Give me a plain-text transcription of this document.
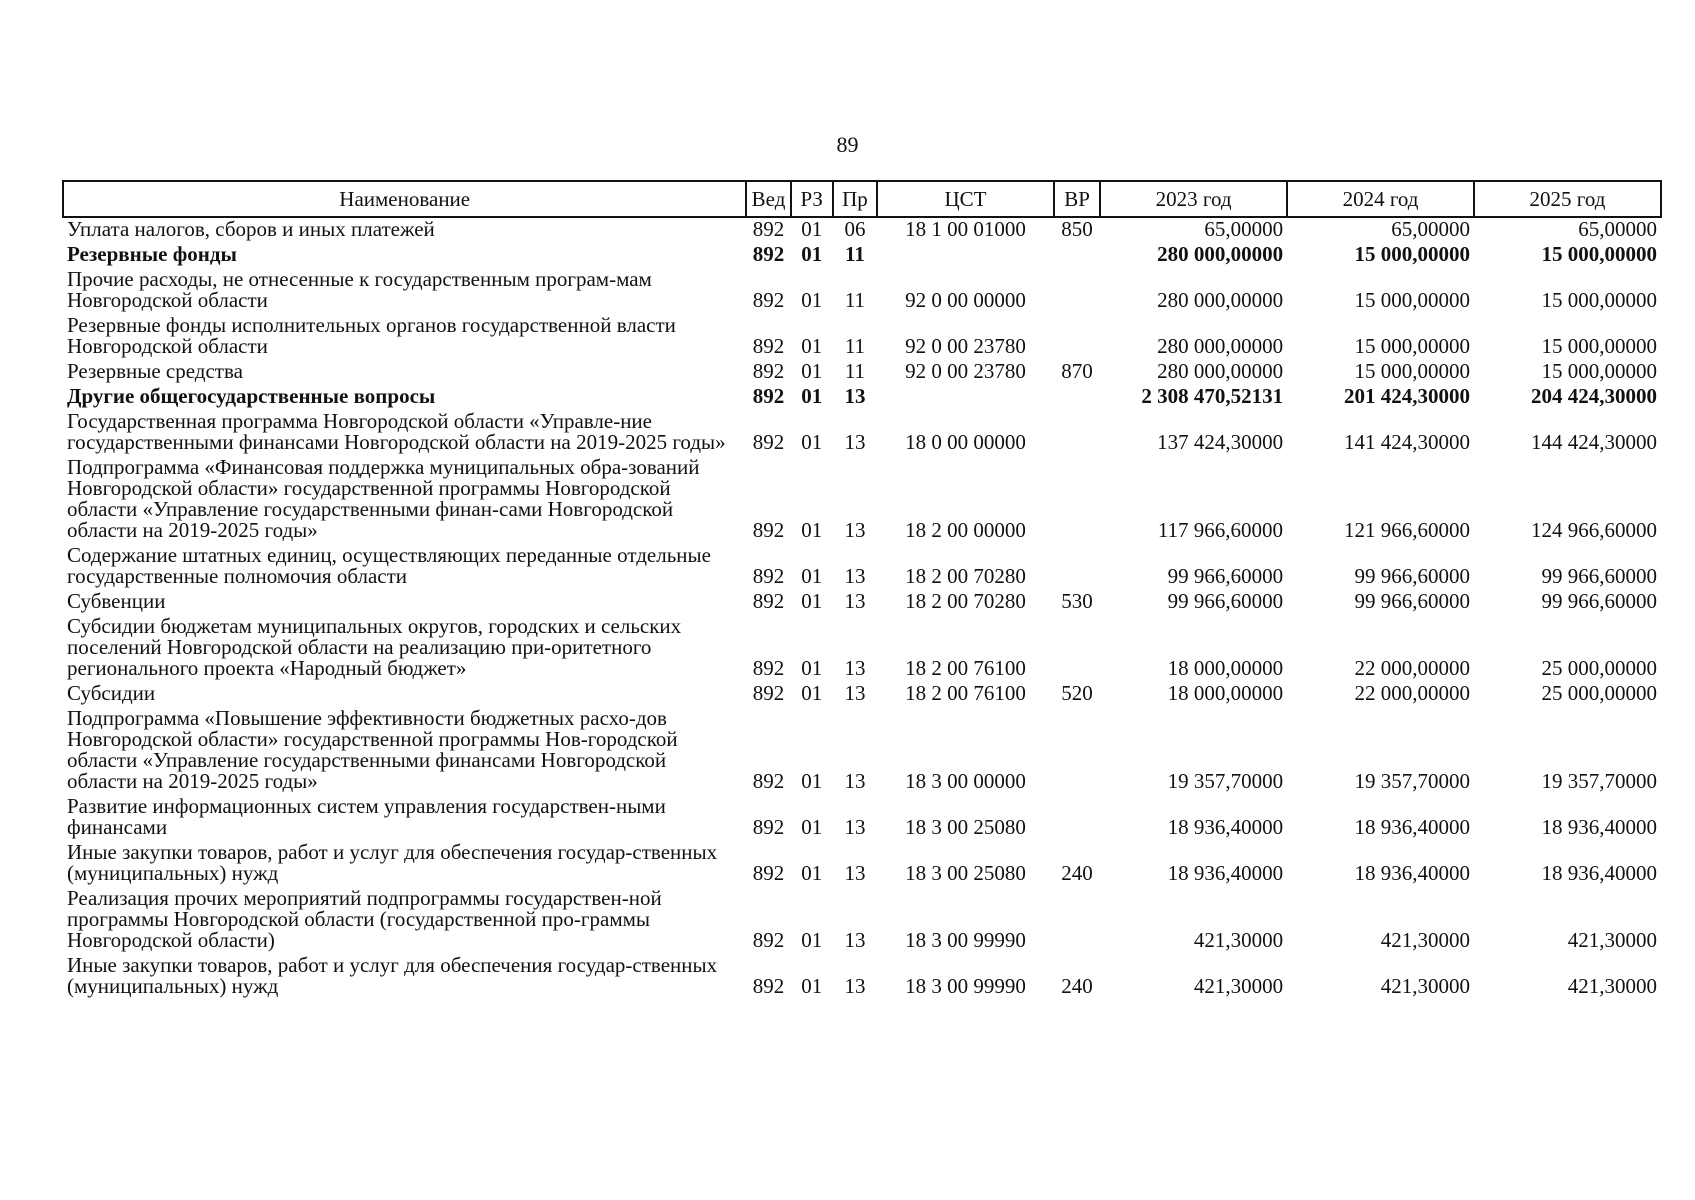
89
Наименование	Вед	РЗ	Пр	ЦСТ	ВР	2023 год	2024 год	2025 год
Уплата налогов, сборов и иных платежей	892	01	06	18 1 00 01000	850	65,00000	65,00000	65,00000
Резервные фонды	892	01	11			280 000,00000	15 000,00000	15 000,00000
Прочие расходы, не отнесенные к государственным програм-мам Новгородской области	892	01	11	92 0 00 00000		280 000,00000	15 000,00000	15 000,00000
Резервные фонды исполнительных органов государственной власти Новгородской области	892	01	11	92 0 00 23780		280 000,00000	15 000,00000	15 000,00000
Резервные средства	892	01	11	92 0 00 23780	870	280 000,00000	15 000,00000	15 000,00000
Другие общегосударственные вопросы	892	01	13			2 308 470,52131	201 424,30000	204 424,30000
Государственная программа Новгородской области «Управле-ние государственными финансами Новгородской области на 2019-2025 годы»	892	01	13	18 0 00 00000		137 424,30000	141 424,30000	144 424,30000
Подпрограмма «Финансовая поддержка муниципальных обра-зований Новгородской области» государственной программы Новгородской области «Управление государственными финан-сами Новгородской области на 2019-2025 годы»	892	01	13	18 2 00 00000		117 966,60000	121 966,60000	124 966,60000
Содержание штатных единиц, осуществляющих переданные отдельные государственные полномочия области	892	01	13	18 2 00 70280		99 966,60000	99 966,60000	99 966,60000
Субвенции	892	01	13	18 2 00 70280	530	99 966,60000	99 966,60000	99 966,60000
Субсидии бюджетам муниципальных округов, городских и сельских поселений Новгородской области на реализацию при-оритетного регионального проекта «Народный бюджет»	892	01	13	18 2 00 76100		18 000,00000	22 000,00000	25 000,00000
Субсидии	892	01	13	18 2 00 76100	520	18 000,00000	22 000,00000	25 000,00000
Подпрограмма «Повышение эффективности бюджетных расхо-дов Новгородской области» государственной программы Нов-городской области «Управление государственными финансами Новгородской области на 2019-2025 годы»	892	01	13	18 3 00 00000		19 357,70000	19 357,70000	19 357,70000
Развитие информационных систем управления государствен-ными финансами	892	01	13	18 3 00 25080		18 936,40000	18 936,40000	18 936,40000
Иные закупки товаров, работ и услуг для обеспечения государ-ственных (муниципальных) нужд	892	01	13	18 3 00 25080	240	18 936,40000	18 936,40000	18 936,40000
Реализация прочих мероприятий подпрограммы государствен-ной программы Новгородской области (государственной про-граммы Новгородской области)	892	01	13	18 3 00 99990		421,30000	421,30000	421,30000
Иные закупки товаров, работ и услуг для обеспечения государ-ственных (муниципальных) нужд	892	01	13	18 3 00 99990	240	421,30000	421,30000	421,30000
